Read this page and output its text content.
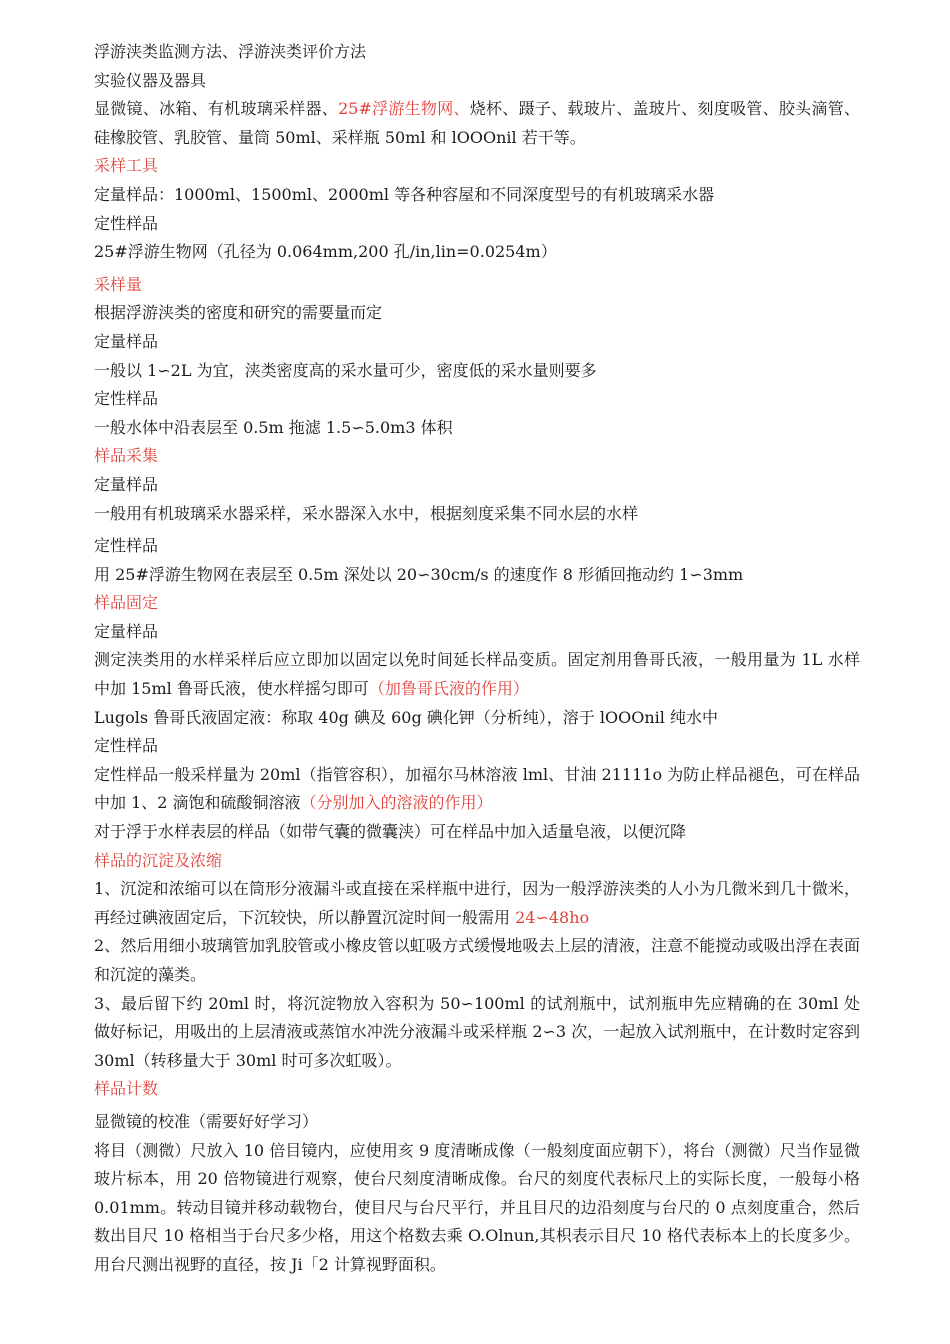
浮游浃类监测方法、浮游浃类评价方法
实验仪器及器具
显微镜、冰箱、有机玻璃采样器、25#浮游生物网、烧杯、蹑子、载玻片、盖玻片、刻度吸管、胶头滴管、硅橡胶管、乳胶管、量筒 50ml、采样瓶 50ml 和 lOOOnil 若干等。
采样工具
定量样品：1000ml、1500ml、2000ml 等各种容屋和不同深度型号的有机玻璃采水器
定性样品
25#浮游生物网（孔径为 0.064mm,200 孔/in,lin=0.0254m）
采样量
根据浮游浃类的密度和研究的需要量而定
定量样品
一般以 1∽2L 为宜，浃类密度高的采水量可少，密度低的采水量则要多
定性样品
一般水体中沿表层至 0.5m 拖滤 1.5∽5.0m3 体积
样品采集
定量样品
一般用有机玻璃采水器采样，采水器深入水中，根据刻度采集不同水层的水样
定性样品
用 25#浮游生物网在表层至 0.5m 深处以 20∽30cm/s 的速度作 8 形循回拖动约 1∽3mm
样品固定
定量样品
测定浃类用的水样采样后应立即加以固定以免时间延长样品变质。固定剂用鲁哥氏液，一般用量为 1L 水样中加 15ml 鲁哥氏液，使水样摇匀即可（加鲁哥氏液的作用）
Lugols 鲁哥氏液固定液：称取 40g 碘及 60g 碘化钾（分析纯），溶于 lOOOnil 纯水中
定性样品
定性样品一般采样量为 20ml（指管容积），加福尔马林溶液 lml、甘油 21111o 为防止样品褪色，可在样品中加 1、2 滴饱和硫酸铜溶液（分别加入的溶液的作用）
对于浮于水样表层的样品（如带气囊的微囊浃）可在样品中加入适量皂液，以便沉降
样品的沉淀及浓缩
1、沉淀和浓缩可以在筒形分液漏斗或直接在采样瓶中进行，因为一般浮游浃类的人小为几微米到几十微米，再经过碘液固定后，下沉较快，所以静置沉淀时间一般需用 24∽48ho
2、然后用细小玻璃管加乳胶管或小橡皮管以虹吸方式缓慢地吸去上层的清液，注意不能搅动或吸出浮在表面和沉淀的藻类。
3、最后留下约 20ml 时，将沉淀物放入容积为 50∽100ml 的试剂瓶中，试剂瓶申先应精确的在 30ml 处做好标记，用吸出的上层清液或蒸馆水冲洗分液漏斗或采样瓶 2∽3 次，一起放入试剂瓶中，在计数时定容到 30ml（转移量大于 30ml 时可多次虹吸）。
样品计数
显微镜的校准（需要好好学习）
将目（测微）尺放入 10 倍目镜内，应使用亥 9 度清晰成像（一般刻度面应朝下），将台（测微）尺当作显微玻片标本，用 20 倍物镜进行观察，使台尺刻度清晰成像。台尺的刻度代表标尺上的实际长度，一般每小格 0.01mm。转动目镜并移动载物台，使目尺与台尺平行，并且目尺的边沿刻度与台尺的 0 点刻度重合，然后数出目尺 10 格相当于台尺多少格，用这个格数去乘 O.Olnun,其枳表示目尺 10 格代表标本上的长度多少。用台尺测出视野的直径，按 Ji「2 计算视野面积。
